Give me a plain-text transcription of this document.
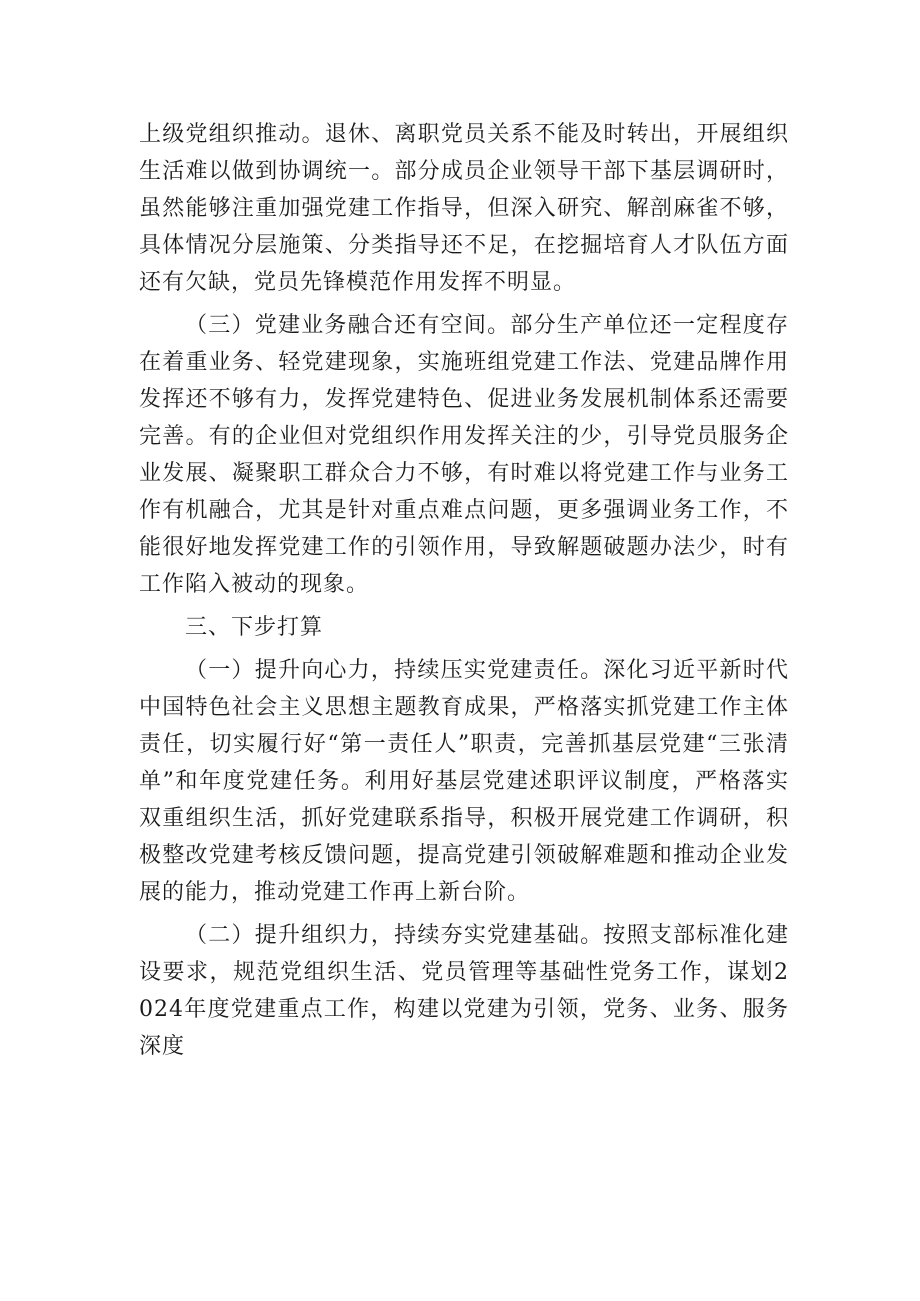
上级党组织推动。退休、离职党员关系不能及时转出，开展组织生活难以做到协调统一。部分成员企业领导干部下基层调研时，虽然能够注重加强党建工作指导，但深入研究、解剖麻雀不够，具体情况分层施策、分类指导还不足，在挖掘培育人才队伍方面还有欠缺，党员先锋模范作用发挥不明显。

（三）党建业务融合还有空间。部分生产单位还一定程度存在着重业务、轻党建现象，实施班组党建工作法、党建品牌作用发挥还不够有力，发挥党建特色、促进业务发展机制体系还需要完善。有的企业但对党组织作用发挥关注的少，引导党员服务企业发展、凝聚职工群众合力不够，有时难以将党建工作与业务工作有机融合，尤其是针对重点难点问题，更多强调业务工作，不能很好地发挥党建工作的引领作用，导致解题破题办法少，时有工作陷入被动的现象。

三、下步打算

（一）提升向心力，持续压实党建责任。深化习近平新时代中国特色社会主义思想主题教育成果，严格落实抓党建工作主体责任，切实履行好“第一责任人”职责，完善抓基层党建“三张清单”和年度党建任务。利用好基层党建述职评议制度，严格落实双重组织生活，抓好党建联系指导，积极开展党建工作调研，积极整改党建考核反馈问题，提高党建引领破解难题和推动企业发展的能力，推动党建工作再上新台阶。

（二）提升组织力，持续夯实党建基础。按照支部标准化建设要求，规范党组织生活、党员管理等基础性党务工作，谋划2024年度党建重点工作，构建以党建为引领，党务、业务、服务深度
